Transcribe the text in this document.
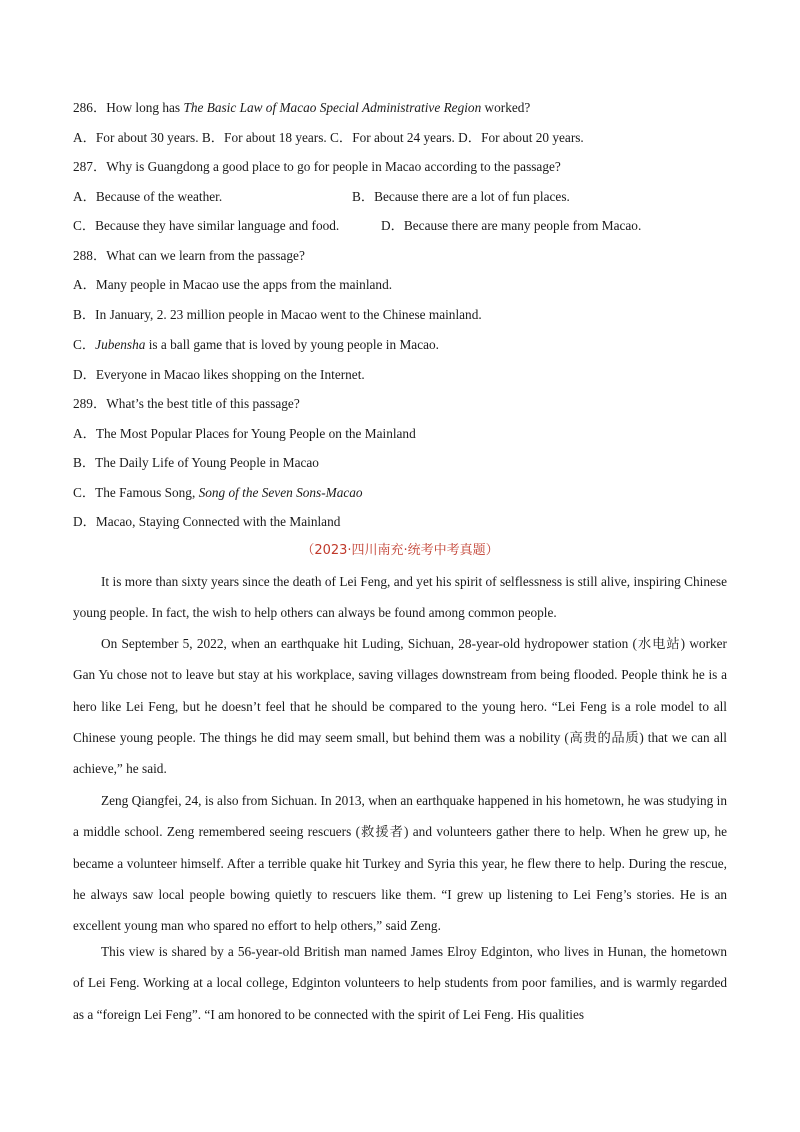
286．How long has The Basic Law of Macao Special Administrative Region worked?
A．For about 30 years. B．For about 18 years. C．For about 24 years. D．For about 20 years.
287．Why is Guangdong a good place to go for people in Macao according to the passage?
A．Because of the weather.	B．Because there are a lot of fun places.
C．Because they have similar language and food.	D．Because there are many people from Macao.
288．What can we learn from the passage?
A．Many people in Macao use the apps from the mainland.
B．In January, 2. 23 million people in Macao went to the Chinese mainland.
C．Jubensha is a ball game that is loved by young people in Macao.
D．Everyone in Macao likes shopping on the Internet.
289．What’s the best title of this passage?
A．The Most Popular Places for Young People on the Mainland
B．The Daily Life of Young People in Macao
C．The Famous Song, Song of the Seven Sons-Macao
D．Macao, Staying Connected with the Mainland
（2023·四川南充·统考中考真题）

It is more than sixty years since the death of Lei Feng, and yet his spirit of selflessness is still alive, inspiring Chinese young people. In fact, the wish to help others can always be found among common people.

On September 5, 2022, when an earthquake hit Luding, Sichuan, 28-year-old hydropower station (水电站) worker Gan Yu chose not to leave but stay at his workplace, saving villages downstream from being flooded. People think he is a hero like Lei Feng, but he doesn’t feel that he should be compared to the young hero. “Lei Feng is a role model to all Chinese young people. The things he did may seem small, but behind them was a nobility (高贵的品质) that we can all achieve,” he said.

Zeng Qiangfei, 24, is also from Sichuan. In 2013, when an earthquake happened in his hometown, he was studying in a middle school. Zeng remembered seeing rescuers (救援者) and volunteers gather there to help. When he grew up, he became a volunteer himself. After a terrible quake hit Turkey and Syria this year, he flew there to help. During the rescue, he always saw local people bowing quietly to rescuers like them. “I grew up listening to Lei Feng’s stories. He is an excellent young man who spared no effort to help others,” said Zeng.

This view is shared by a 56-year-old British man named James Elroy Edginton, who lives in Hunan, the hometown of Lei Feng. Working at a local college, Edginton volunteers to help students from poor families, and is warmly regarded as a “foreign Lei Feng”. “I am honored to be connected with the spirit of Lei Feng. His qualities
